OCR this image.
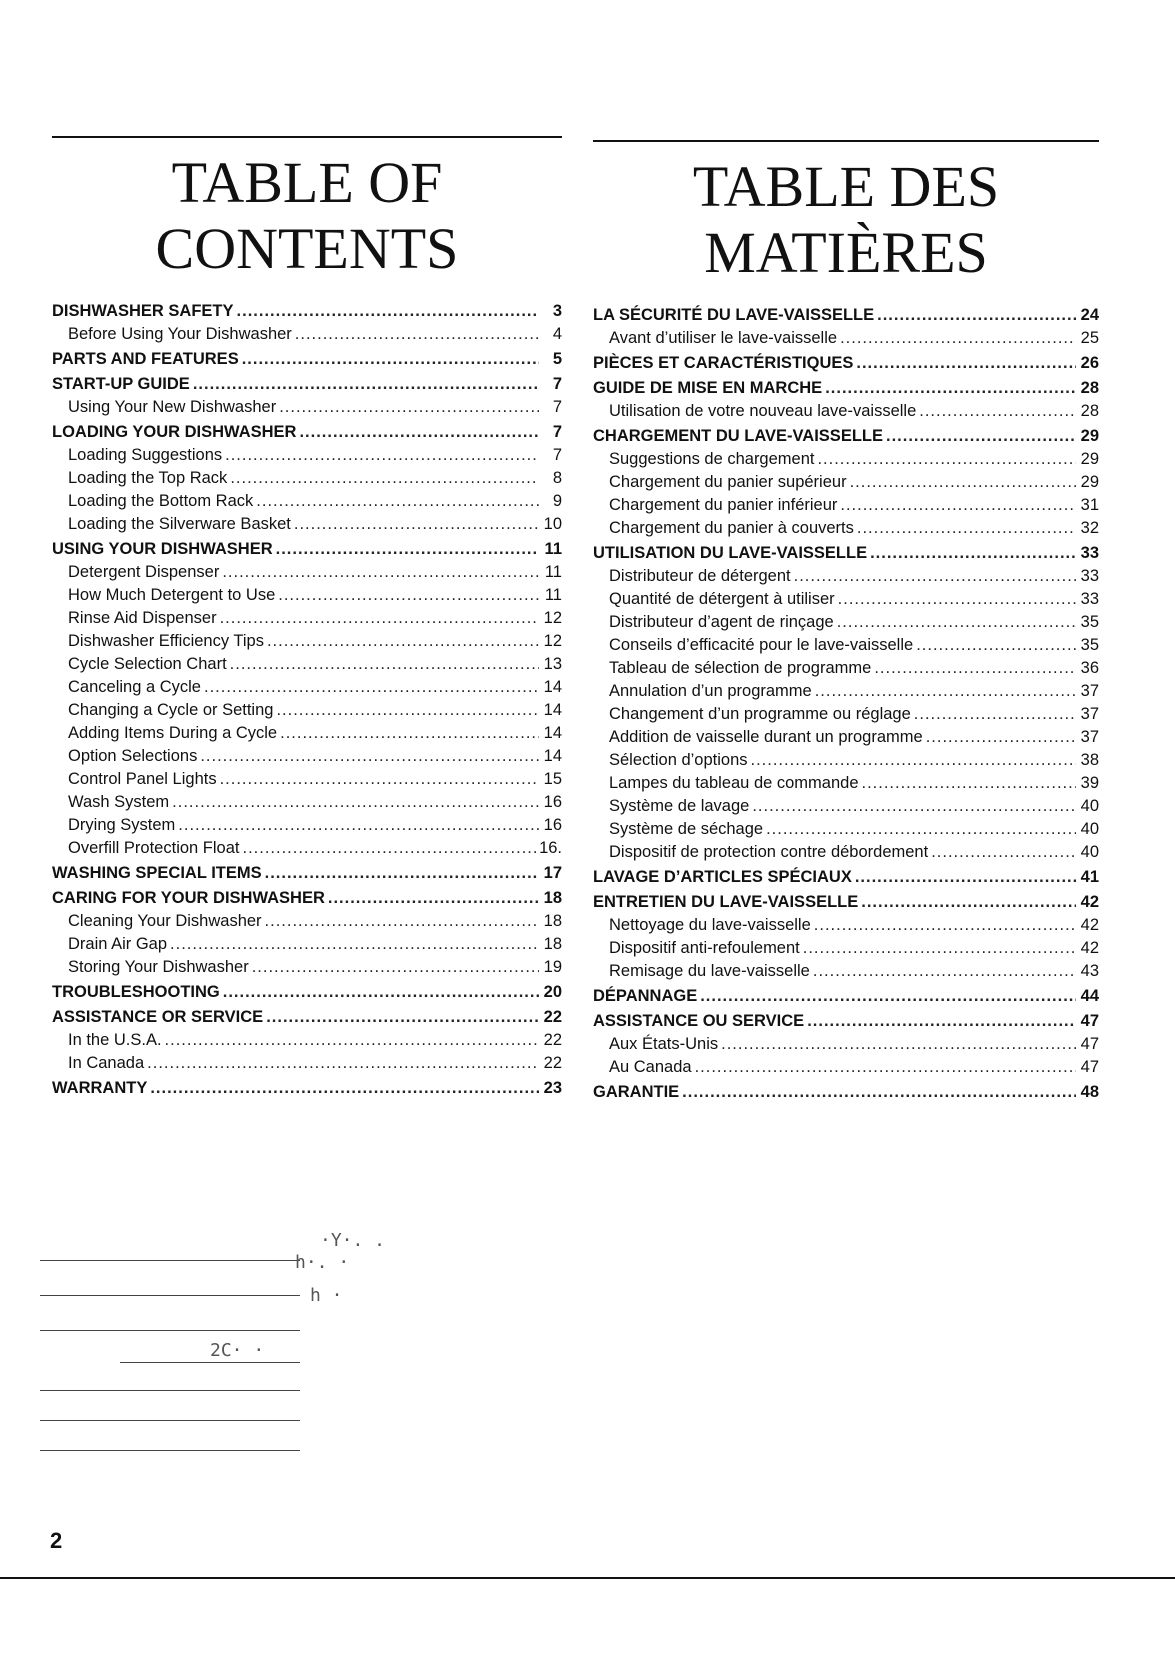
TABLE OF
CONTENTS
DISHWASHER SAFETY .....	3
Before Using Your Dishwasher .....	4
PARTS AND FEATURES .....	5
START-UP GUIDE .....	7
Using Your New Dishwasher .....	7
LOADING YOUR DISHWASHER .....	7
Loading Suggestions .....	7
Loading the Top Rack .....	8
Loading the Bottom Rack .....	9
Loading the Silverware Basket .....	10
USING YOUR DISHWASHER .....	11
Detergent Dispenser .....	11
How Much Detergent to Use .....	11
Rinse Aid Dispenser .....	12
Dishwasher Efficiency Tips .....	12
Cycle Selection Chart .....	13
Canceling a Cycle .....	14
Changing a Cycle or Setting .....	14
Adding Items During a Cycle .....	14
Option Selections .....	14
Control Panel Lights .....	15
Wash System .....	16
Drying System .....	16
Overfill Protection Float .....	16.
WASHING SPECIAL ITEMS .....	17
CARING FOR YOUR DISHWASHER .....	18
Cleaning Your Dishwasher .....	18
Drain Air Gap .....	18
Storing Your Dishwasher .....	19
TROUBLESHOOTING .....	20
ASSISTANCE OR SERVICE .....	22
In the U.S.A. .....	22
In Canada .....	22
WARRANTY .....	23
TABLE DES
MATIÈRES
LA SÉCURITÉ DU LAVE-VAISSELLE .....	24
Avant d’utiliser le lave-vaisselle .....	25
PIÈCES ET CARACTÉRISTIQUES .....	26
GUIDE DE MISE EN MARCHE .....	28
Utilisation de votre nouveau lave-vaisselle .....	28
CHARGEMENT DU LAVE-VAISSELLE .....	29
Suggestions de chargement .....	29
Chargement du panier supérieur .....	29
Chargement du panier inférieur .....	31
Chargement du panier à couverts .....	32
UTILISATION DU LAVE-VAISSELLE .....	33
Distributeur de détergent .....	33
Quantité de détergent à utiliser .....	33
Distributeur d’agent de rinçage .....	35
Conseils d’efficacité pour le lave-vaisselle .....	35
Tableau de sélection de programme .....	36
Annulation d’un programme .....	37
Changement d’un programme ou réglage .....	37
Addition de vaisselle durant un programme .....	37
Sélection d’options .....	38
Lampes du tableau de commande .....	39
Système de lavage .....	40
Système de séchage .....	40
Dispositif de protection contre débordement .....	40
LAVAGE D’ARTICLES SPÉCIAUX .....	41
ENTRETIEN DU LAVE-VAISSELLE .....	42
Nettoyage du lave-vaisselle .....	42
Dispositif anti-refoulement .....	42
Remisage du lave-vaisselle .....	43
DÉPANNAGE .....	44
ASSISTANCE OU SERVICE .....	47
Aux États-Unis .....	47
Au Canada .....	47
GARANTIE .....	48
·Y·. .
h·. ·
h ·
2C· ·
2
